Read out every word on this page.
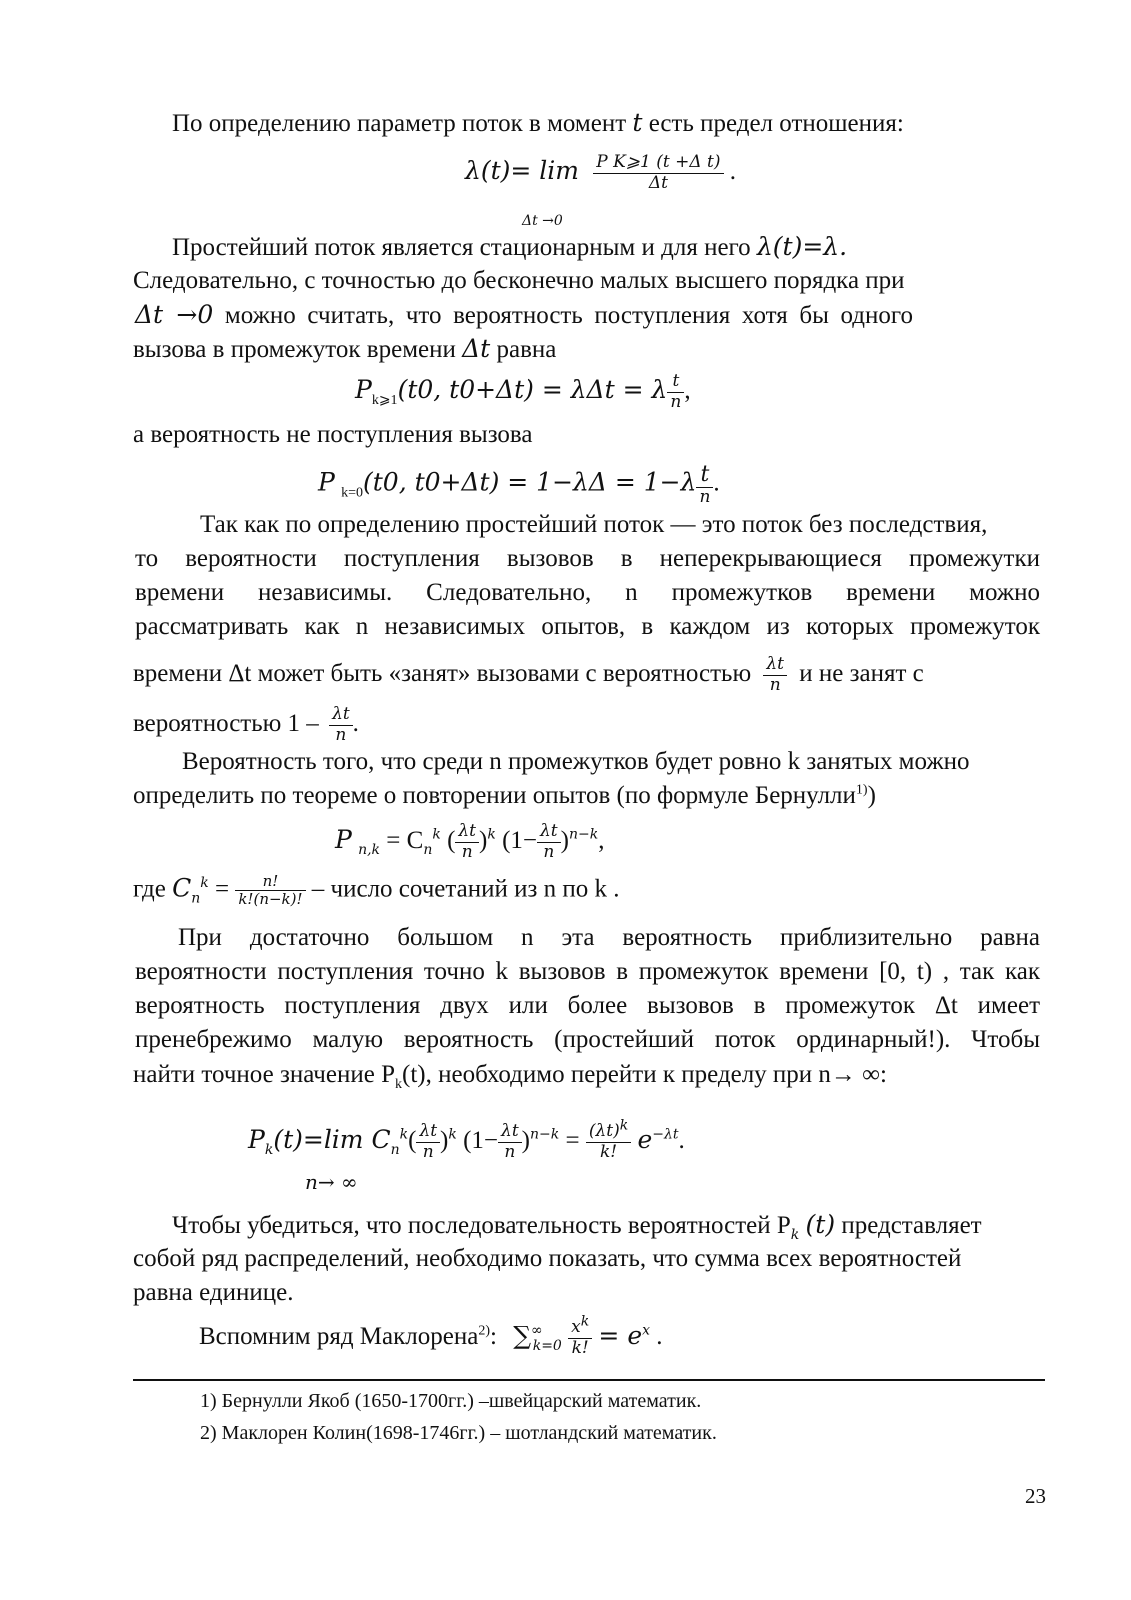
По определению параметр поток в момент t есть предел отношения:
$\lambda(t)= \lim \frac{\text{P K⩾1 (t +Δ t)}}{\Delta t}$ .
Δt →0
Простейший поток является стационарным и для него λ(t)=λ.
Следовательно, с точностью до бесконечно малых высшего порядка при
Δt →0 можно считать, что вероятность поступления хотя бы одного
вызова в промежуток времени Δt равна
$P_{k⩾1}(t0$, t0+Δt) = λΔt = λ $\frac{t}{n}$ ,
а вероятность не поступления вызова
P $_{k=0}$(t0, $t0+\Delta t) = 1-\lambda\Delta = 1-\lambda \frac{t}{n}$ .
Так как по определению простейший поток — это поток без последствия,
то вероятности поступления вызовов в неперекрывающиеся промежутки
времени независимы. Следовательно, n промежутков времени можно
рассматривать как n независимых опытов, в каждом из которых промежуток
времени Δt может быть «занят» вызовами с вероятностью $\frac{\lambda t}{n}$ и не занят с
вероятностью $1 - \frac{\lambda t}{n}$ .
Вероятность того, что среди n промежутков будет ровно k занятых можно
определить по теореме о повторении опытов (по формуле Бернулли$^{1)}$)
P $_{n,k} = C_n^k$ ( $\frac{\lambda t}{n} )^k$ $(1- \frac{\lambda t}{n} )^{n-k}$,
где $C_n^k = \frac{n!}{k!(n-k)!}$ – число сочетаний из n по k .
При достаточно большом n эта вероятность приблизительно равна
вероятности поступления точно k вызовов в промежуток времени [0, t) , так как
вероятность поступления двух или более вызовов в промежуток Δt имеет
пренебрежимо малую вероятность (простейший поток ординарный!). Чтобы
найти точное значение $P_k(t)$, необходимо перейти к пределу при n→ ∞:
$P_k(t)=\lim$ $C_n^k( \frac{\lambda t}{n} )^k$ $(1- \frac{\lambda t}{n} )^{n-k} = \frac{(\lambda t)^k}{k!} e^{-\lambda t}$.
n→ ∞
Чтобы убедиться, что последовательность вероятностей $P_k$ (t) представляет
собой ряд распределений, необходимо показать, что сумма всех вероятностей
равна единице.
Вспомним ряд Маклорена$^{2)}$: $\sum^\infty_{k=0} \frac{x^k}{k!} = e^x$ .
1) Бернулли Якоб (1650-1700гг.) –швейцарский математик.
2) Маклорен Колин(1698-1746гг.) – шотландский математик.
23
